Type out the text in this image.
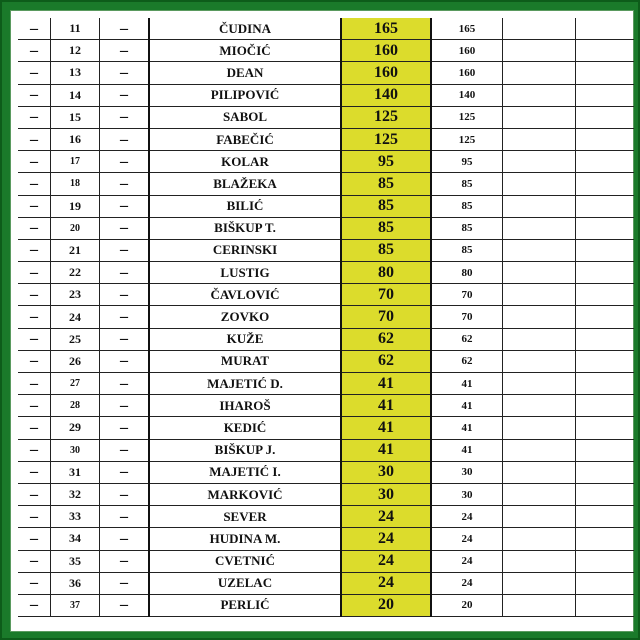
–	11	–	ČUDINA	165	165		
–	12	–	MIOČIĆ	160	160		
–	13	–	DEAN	160	160		
–	14	–	PILIPOVIĆ	140	140		
–	15	–	SABOL	125	125		
–	16	–	FABEČIĆ	125	125		
–	17	–	KOLAR	95	95		
–	18	–	BLAŽEKA	85	85		
–	19	–	BILIĆ	85	85		
–	20	–	BIŠKUP T.	85	85		
–	21	–	CERINSKI	85	85		
–	22	–	LUSTIG	80	80		
–	23	–	ČAVLOVIĆ	70	70		
–	24	–	ZOVKO	70	70		
–	25	–	KUŽE	62	62		
–	26	–	MURAT	62	62		
–	27	–	MAJETIĆ D.	41	41		
–	28	–	IHAROŠ	41	41		
–	29	–	KEDIĆ	41	41		
–	30	–	BIŠKUP J.	41	41		
–	31	–	MAJETIĆ I.	30	30		
–	32	–	MARKOVIĆ	30	30		
–	33	–	SEVER	24	24		
–	34	–	HUDINA M.	24	24		
–	35	–	CVETNIĆ	24	24		
–	36	–	UZELAC	24	24		
–	37	–	PERLIĆ	20	20		
